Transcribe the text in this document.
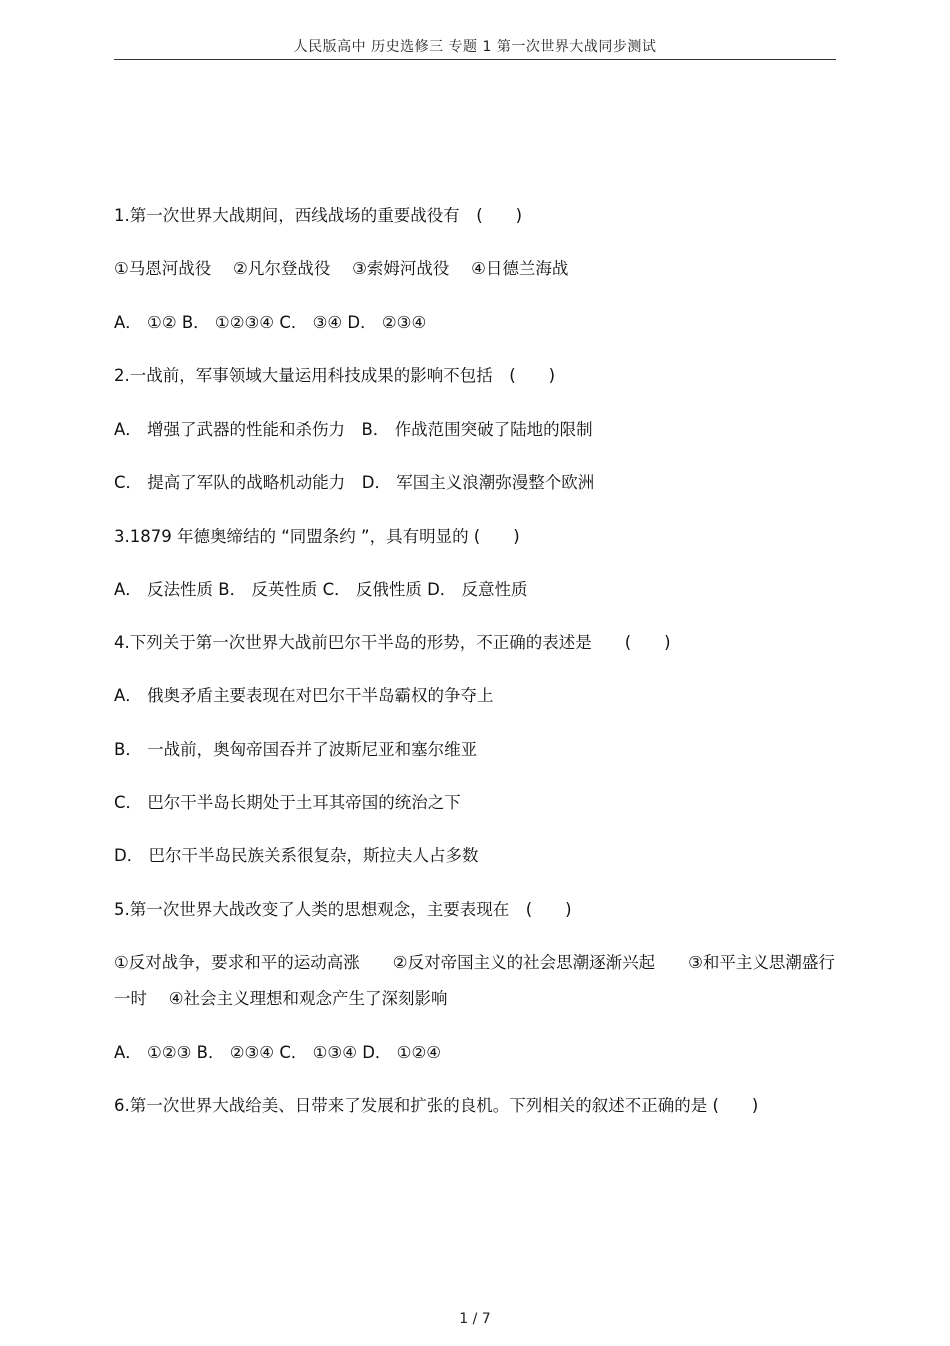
人民版高中 历史选修三 专题 1 第一次世界大战同步测试
1.第一次世界大战期间，西线战场的重要战役有　(　　)
①马恩河战役　 ②凡尔登战役　 ③索姆河战役　 ④日德兰海战
A． ①② B． ①②③④ C． ③④ D． ②③④
2.一战前，军事领域大量运用科技成果的影响不包括　(　　)
A． 增强了武器的性能和杀伤力　B． 作战范围突破了陆地的限制
C． 提高了军队的战略机动能力　D． 军国主义浪潮弥漫整个欧洲
3.1879 年德奥缔结的 “同盟条约 ”，具有明显的 (　　)
A． 反法性质 B． 反英性质 C． 反俄性质 D． 反意性质
4.下列关于第一次世界大战前巴尔干半岛的形势，不正确的表述是　　(　　)
A． 俄奥矛盾主要表现在对巴尔干半岛霸权的争夺上
B． 一战前，奥匈帝国吞并了波斯尼亚和塞尔维亚
C． 巴尔干半岛长期处于土耳其帝国的统治之下
D． 巴尔干半岛民族关系很复杂，斯拉夫人占多数
5.第一次世界大战改变了人类的思想观念，主要表现在　(　　)
①反对战争，要求和平的运动高涨　　②反对帝国主义的社会思潮逐渐兴起　　③和平主义思潮盛行一时　 ④社会主义理想和观念产生了深刻影响
A． ①②③ B． ②③④ C． ①③④ D． ①②④
6.第一次世界大战给美、日带来了发展和扩张的良机。下列相关的叙述不正确的是 (　　)
1 / 7
